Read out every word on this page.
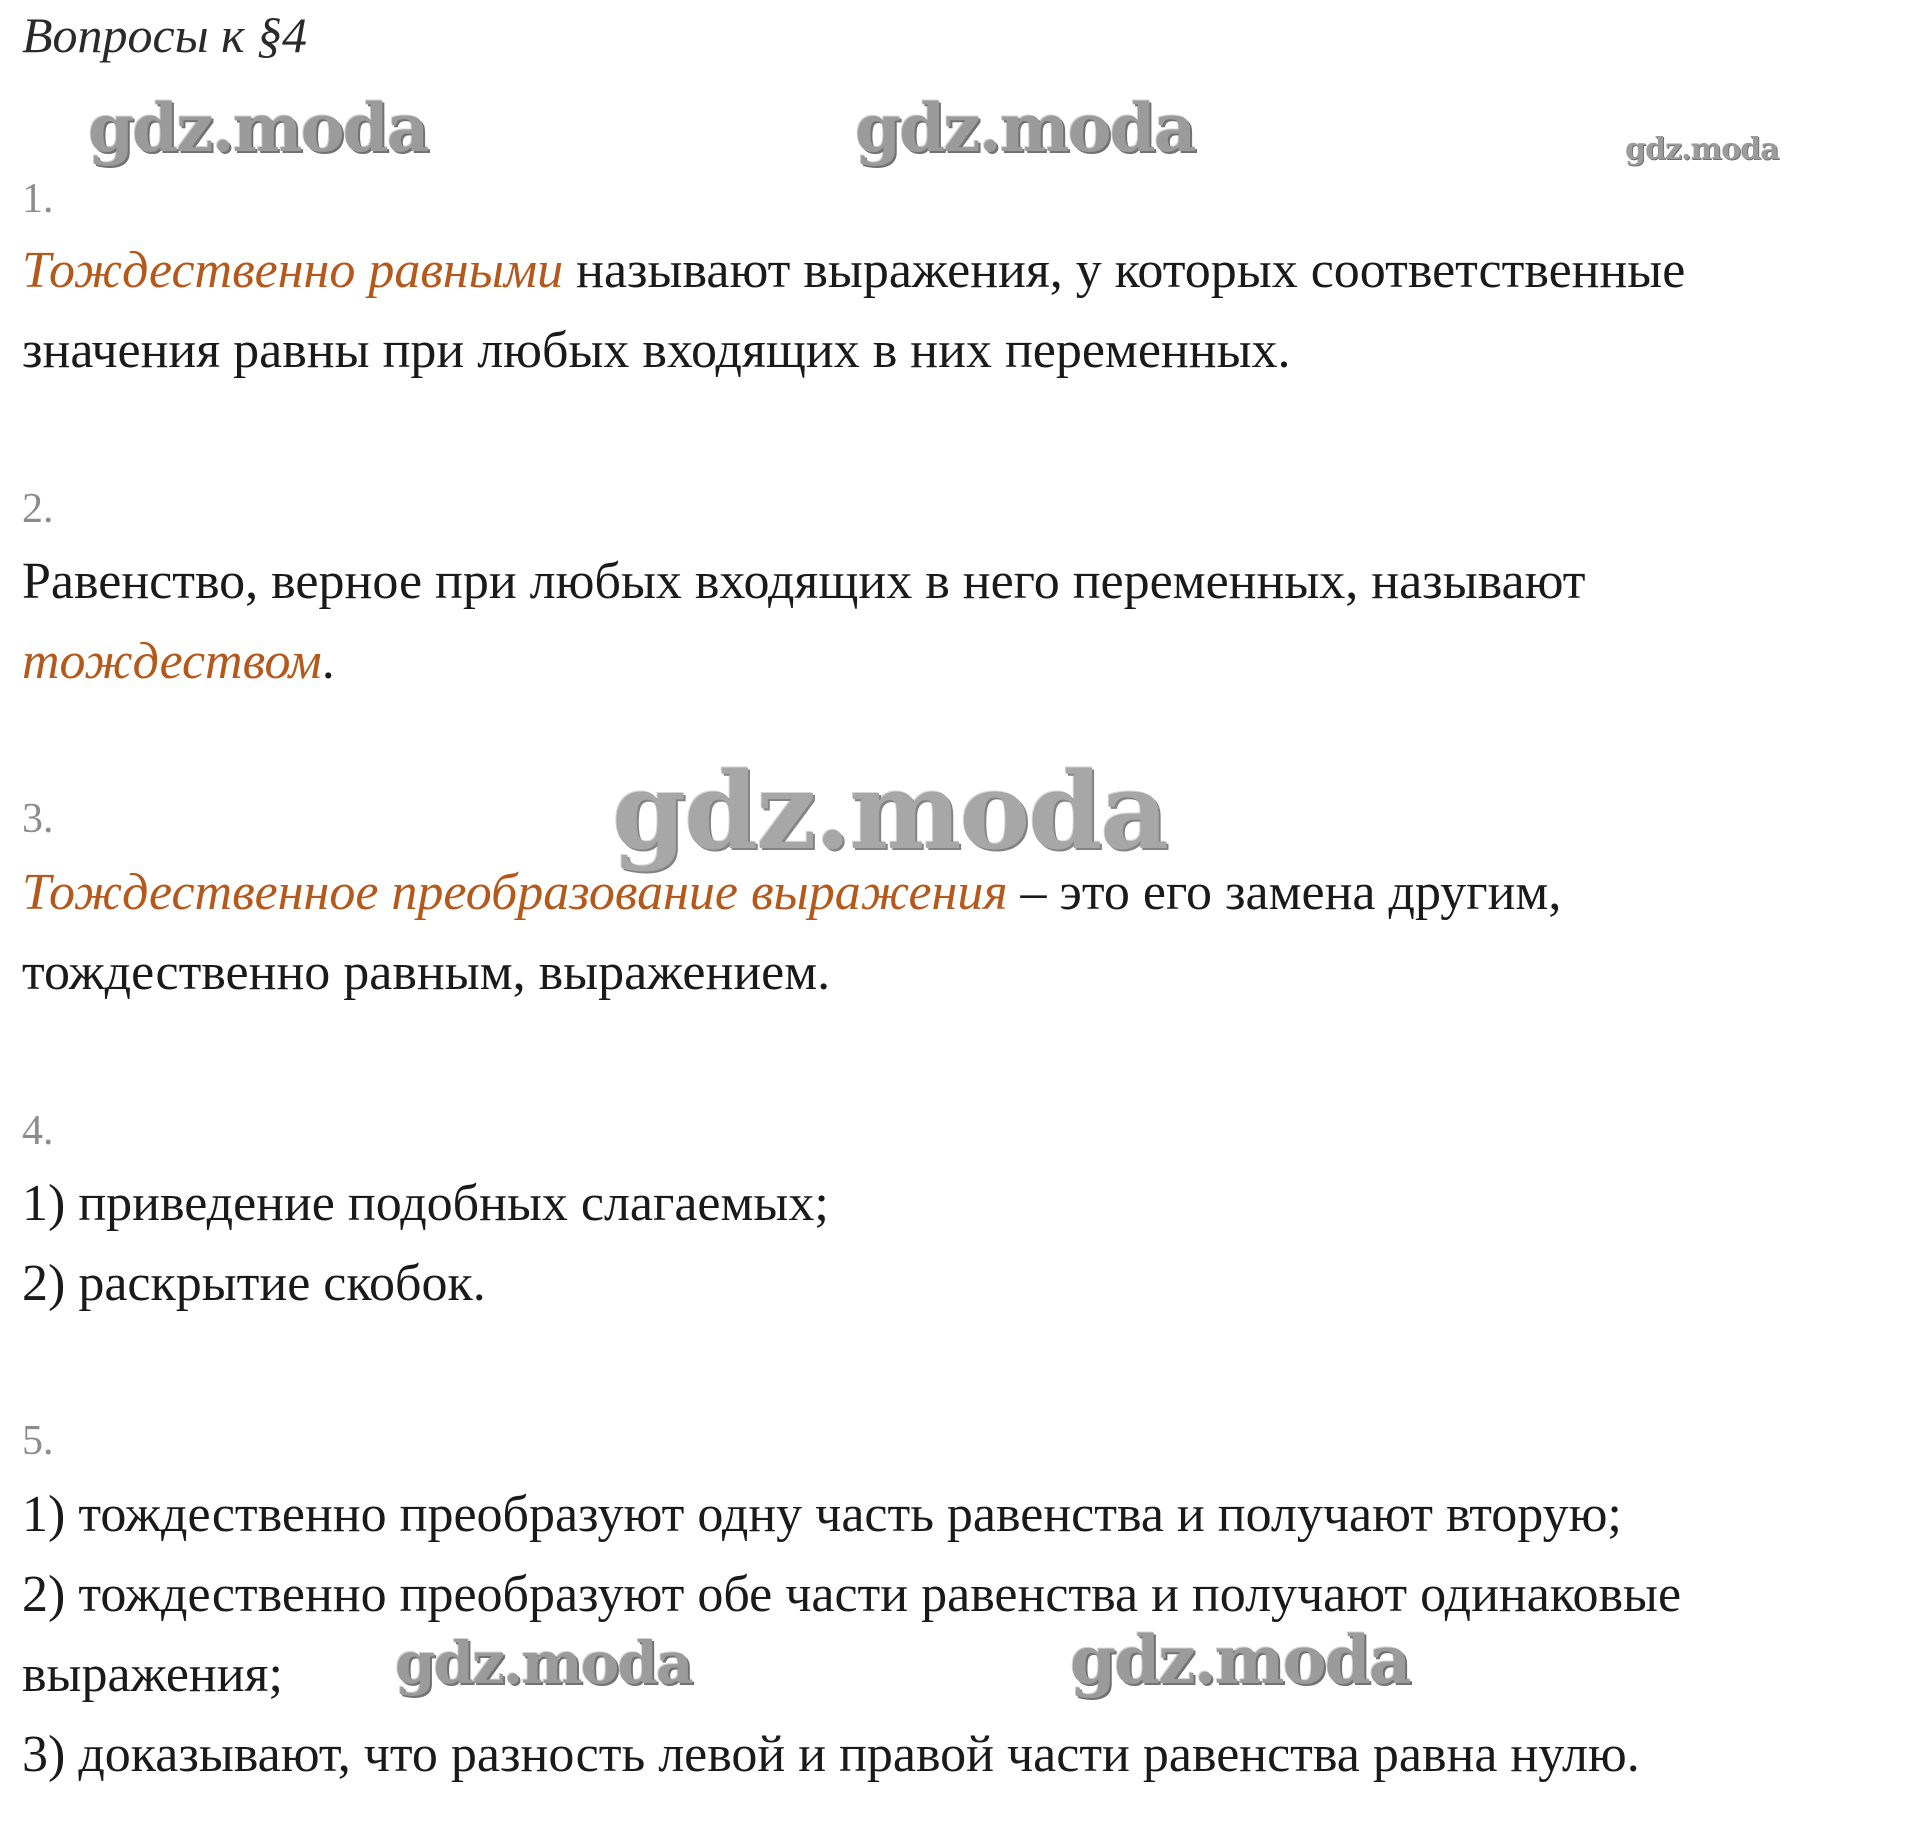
Вопросы к §4
1.
Тождественно равными называют выражения, у которых соответственные
значения равны при любых входящих в них переменных.
2.
Равенство, верное при любых входящих в него переменных, называют
тождеством.
3.
Тождественное преобразование выражения – это его замена другим,
тождественно равным, выражением.
4.
1) приведение подобных слагаемых;
2) раскрытие скобок.
5.
1) тождественно преобразуют одну часть равенства и получают вторую;
2) тождественно преобразуют обе части равенства и получают одинаковые
выражения;
3) доказывают, что разность левой и правой части равенства равна нулю.
gdz.moda	gdz.moda	gdz.moda
gdz.moda
gdz.moda	gdz.moda
